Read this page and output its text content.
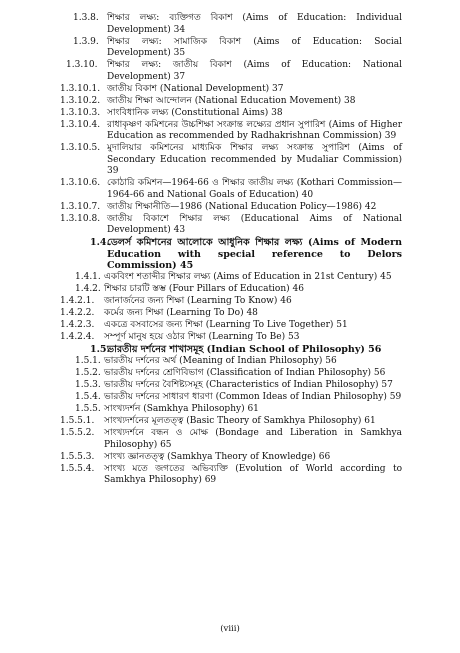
1.3.8. শিক্ষার লক্ষ্য: ব্যক্তিগত বিকাশ (Aims of Education: Individual Development) 34
1.3.9. শিক্ষার লক্ষ্য: সামাজিক বিকাশ (Aims of Education: Social Development) 35
1.3.10. শিক্ষার লক্ষ্য: জাতীয় বিকাশ (Aims of Education: National Development) 37
1.3.10.1. জাতীয় বিকাশ (National Development) 37
1.3.10.2. জাতীয় শিক্ষা আন্দোলন (National Education Movement) 38
1.3.10.3. সাংবিধানিক লক্ষ্য (Constitutional Aims) 38
1.3.10.4. রাধাকৃষ্ণণ কমিশনের উচ্চশিক্ষা সংক্রান্ত লক্ষ্যের প্রধান সুপারিশ (Aims of Higher Education as recommended by Radhakrishnan Commission) 39
1.3.10.5. মুদালিয়ার কমিশনের মাধ্যমিক শিক্ষার লক্ষ্য সংক্রান্ত সুপারিশ (Aims of Secondary Education recommended by Mudaliar Commission) 39
1.3.10.6. কোঠারি কমিশন—1964-66 ও শিক্ষার জাতীয় লক্ষ্য (Kothari Commission—1964-66 and National Goals of Education) 40
1.3.10.7. জাতীয় শিক্ষানীতি—1986 (National Education Policy—1986) 42
1.3.10.8. জাতীয় বিকাশে শিক্ষার লক্ষ্য (Educational Aims of National Development) 43
1.4.
ডেলর্স কমিশনের আলোকে আধুনিক শিক্ষার লক্ষ্য (Aims of Modern Education with special reference to Delors Commission) 45
1.4.1. একবিংশ শতাব্দীর শিক্ষার লক্ষ্য (Aims of Education in 21st Century) 45
1.4.2. শিক্ষার চারটি স্তম্ভ (Four Pillars of Education) 46
1.4.2.1. জানার্জনের জন্য শিক্ষা (Learning To Know) 46
1.4.2.2. কর্মের জন্য শিক্ষা (Learning To Do) 48
1.4.2.3. একত্রে বসবাসের জন্য শিক্ষা (Learning To Live Together) 51
1.4.2.4. সম্পূর্ণ মানুষ হয়ে ওঠার শিক্ষা (Learning To Be) 53
1.5.
ভারতীয় দর্শনের শাখাসমূহ (Indian School of Philosophy) 56
1.5.1. ভারতীয় দর্শনের অর্থ (Meaning of Indian Philosophy) 56
1.5.2. ভারতীয় দর্শনের শ্রেণিবিভাগ (Classification of Indian Philosophy) 56
1.5.3. ভারতীয় দর্শনের বৈশিষ্ট্যসমূহ (Characteristics of Indian Philosophy) 57
1.5.4. ভারতীয় দর্শনের সাধারণ ধারণা (Common Ideas of Indian Philosophy) 59
1.5.5. সাংখ্যদর্শন (Samkhya Philosophy) 61
1.5.5.1. সাংখ্যদর্শনের মূলতত্ত্ব (Basic Theory of Samkhya Philosophy) 61
1.5.5.2. সাংখ্যদর্শনে বন্ধন ও মোক্ষ (Bondage and Liberation in Samkhya Philosophy) 65
1.5.5.3. সাংখ্য জ্ঞানতত্ত্ব (Samkhya Theory of Knowledge) 66
1.5.5.4. সাংখ্য মতে জগতের অভিব্যক্তি (Evolution of World according to Samkhya Philosophy) 69
(viii)
